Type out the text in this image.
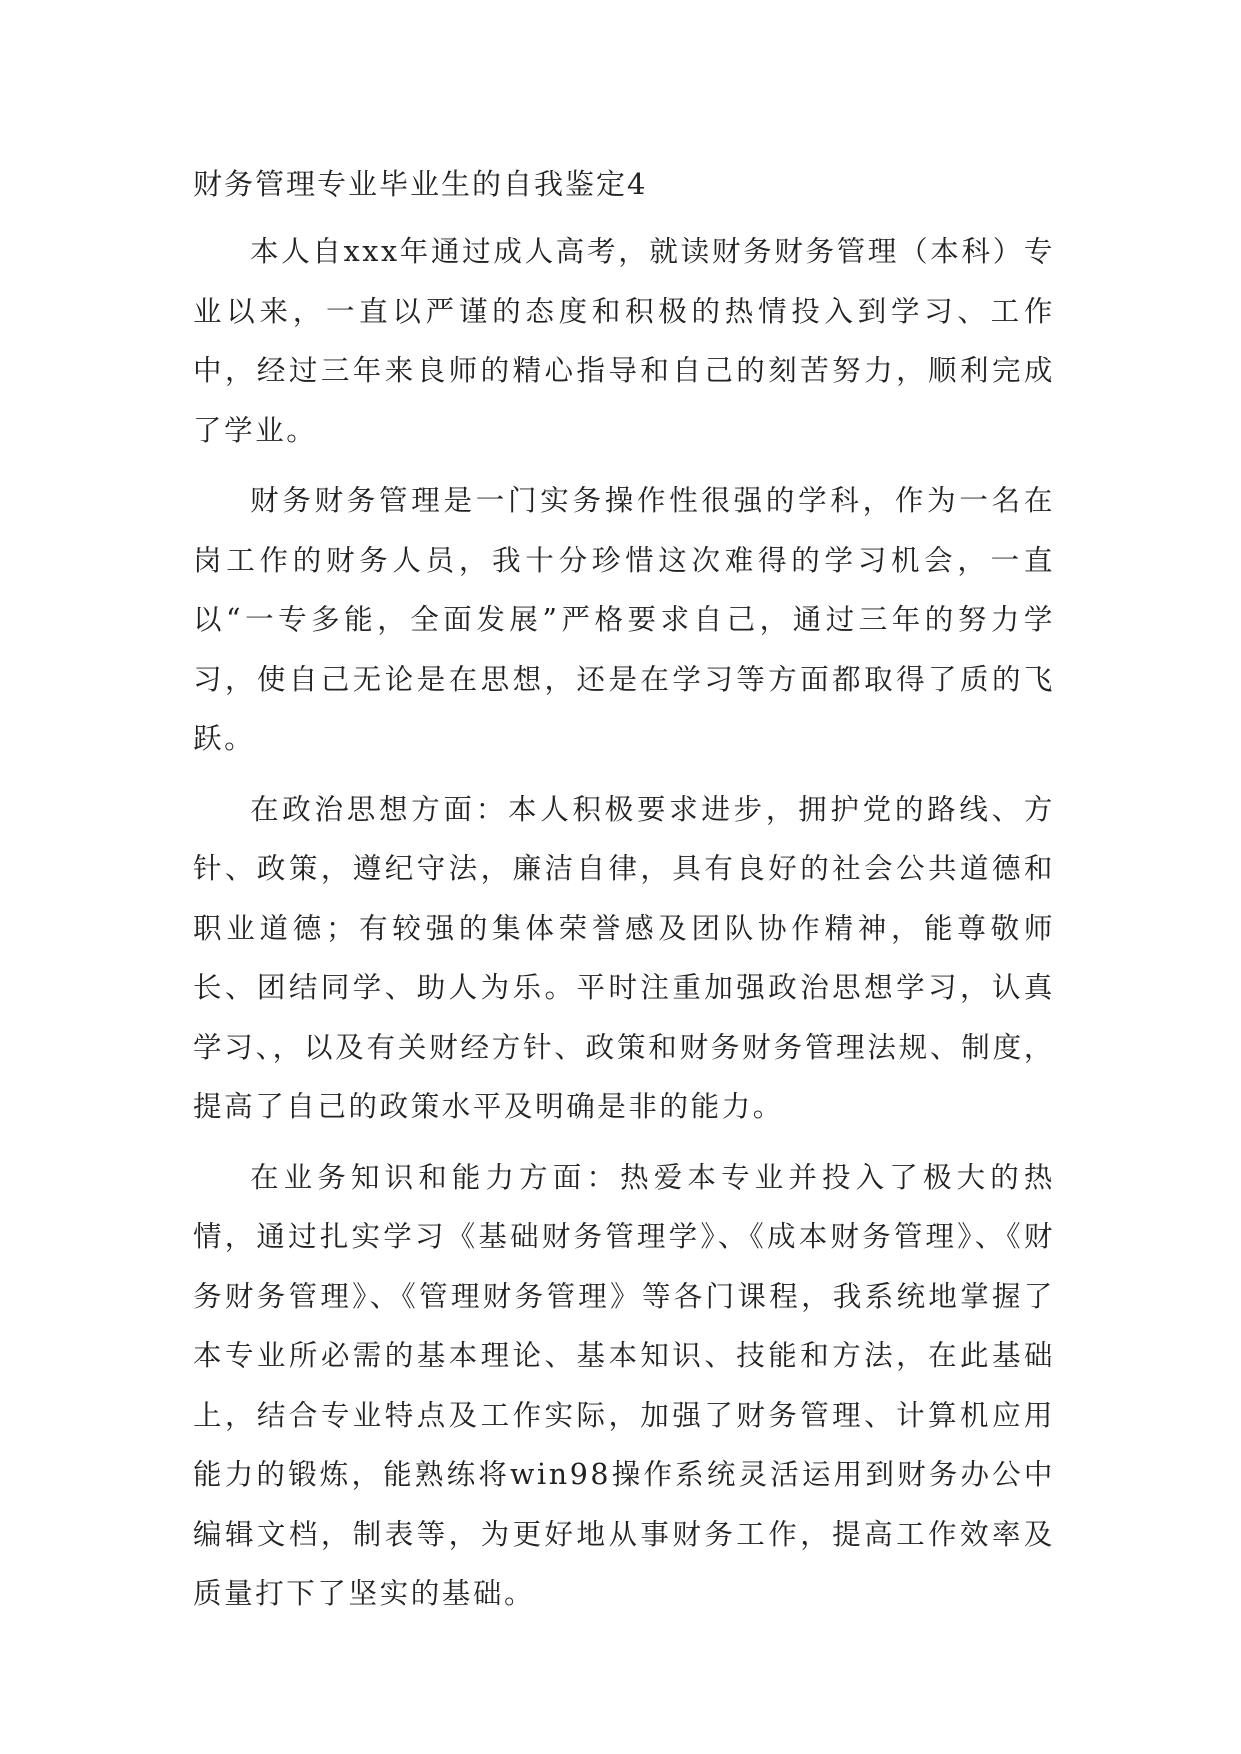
财务管理专业毕业生的自我鉴定4

本人自xxx年通过成人高考，就读财务财务管理（本科）专业以来，一直以严谨的态度和积极的热情投入到学习、工作中，经过三年来良师的精心指导和自己的刻苦努力，顺利完成了学业。

财务财务管理是一门实务操作性很强的学科，作为一名在岗工作的财务人员，我十分珍惜这次难得的学习机会，一直以“一专多能，全面发展”严格要求自己，通过三年的努力学习，使自己无论是在思想，还是在学习等方面都取得了质的飞跃。

在政治思想方面：本人积极要求进步，拥护党的路线、方针、政策，遵纪守法，廉洁自律，具有良好的社会公共道德和职业道德；有较强的集体荣誉感及团队协作精神，能尊敬师长、团结同学、助人为乐。平时注重加强政治思想学习，认真学习、，以及有关财经方针、政策和财务财务管理法规、制度，提高了自己的政策水平及明确是非的能力。

在业务知识和能力方面：热爱本专业并投入了极大的热情，通过扎实学习《基础财务管理学》、《成本财务管理》、《财务财务管理》、《管理财务管理》等各门课程，我系统地掌握了本专业所必需的基本理论、基本知识、技能和方法，在此基础上，结合专业特点及工作实际，加强了财务管理、计算机应用能力的锻炼，能熟练将win98操作系统灵活运用到财务办公中编辑文档，制表等，为更好地从事财务工作，提高工作效率及质量打下了坚实的基础。
